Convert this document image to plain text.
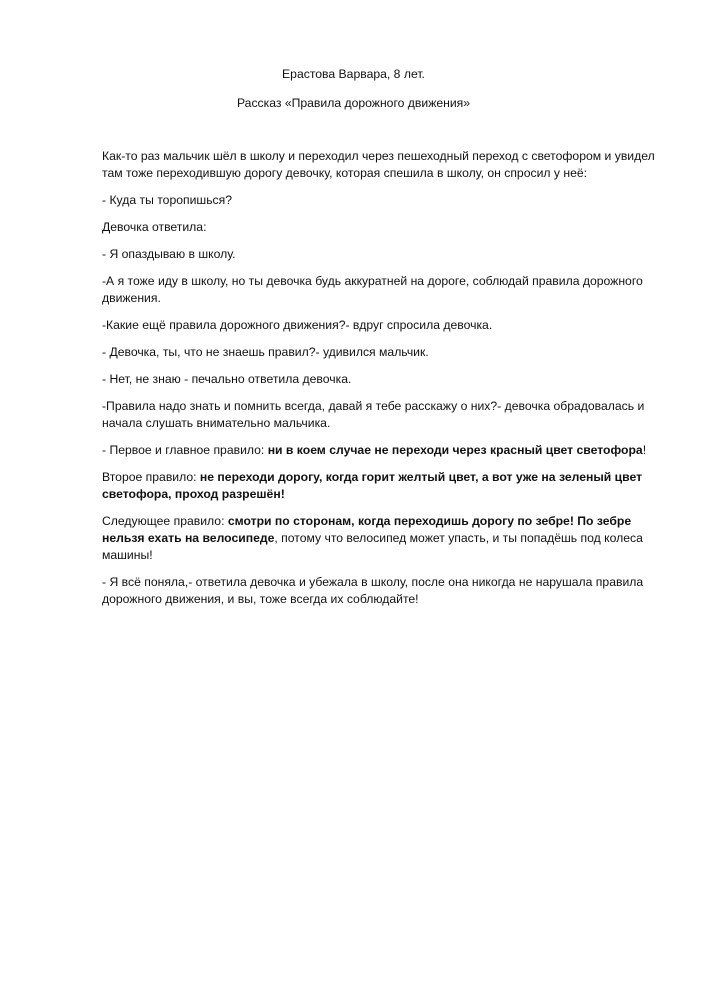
Ерастова Варвара, 8 лет.
Рассказ «Правила дорожного движения»

Как-то раз мальчик шёл в школу и переходил через пешеходный переход с светофором и увидел там тоже переходившую дорогу девочку, которая спешила в школу, он спросил у неё:

- Куда ты торопишься?

Девочка ответила:

- Я опаздываю в школу.

-А я тоже иду в школу, но ты девочка будь аккуратней на дороге, соблюдай правила дорожного движения.

-Какие ещё правила дорожного движения?- вдруг спросила девочка.

- Девочка, ты, что не знаешь правил?- удивился мальчик.

- Нет, не знаю - печально ответила девочка.

-Правила надо знать и помнить всегда, давай я тебе расскажу о них?- девочка обрадовалась и начала слушать внимательно мальчика.

- Первое и главное правило: ни в коем случае не переходи через красный цвет светофора!

Второе правило: не переходи дорогу, когда горит желтый цвет, а вот уже на зеленый цвет светофора, проход разрешён!

Следующее правило: смотри по сторонам, когда переходишь дорогу по зебре! По зебре нельзя ехать на велосипеде, потому что велосипед может упасть, и ты попадёшь под колеса машины!

- Я всё поняла,- ответила девочка и убежала в школу, после она никогда не нарушала правила дорожного движения, и вы, тоже всегда их соблюдайте!
